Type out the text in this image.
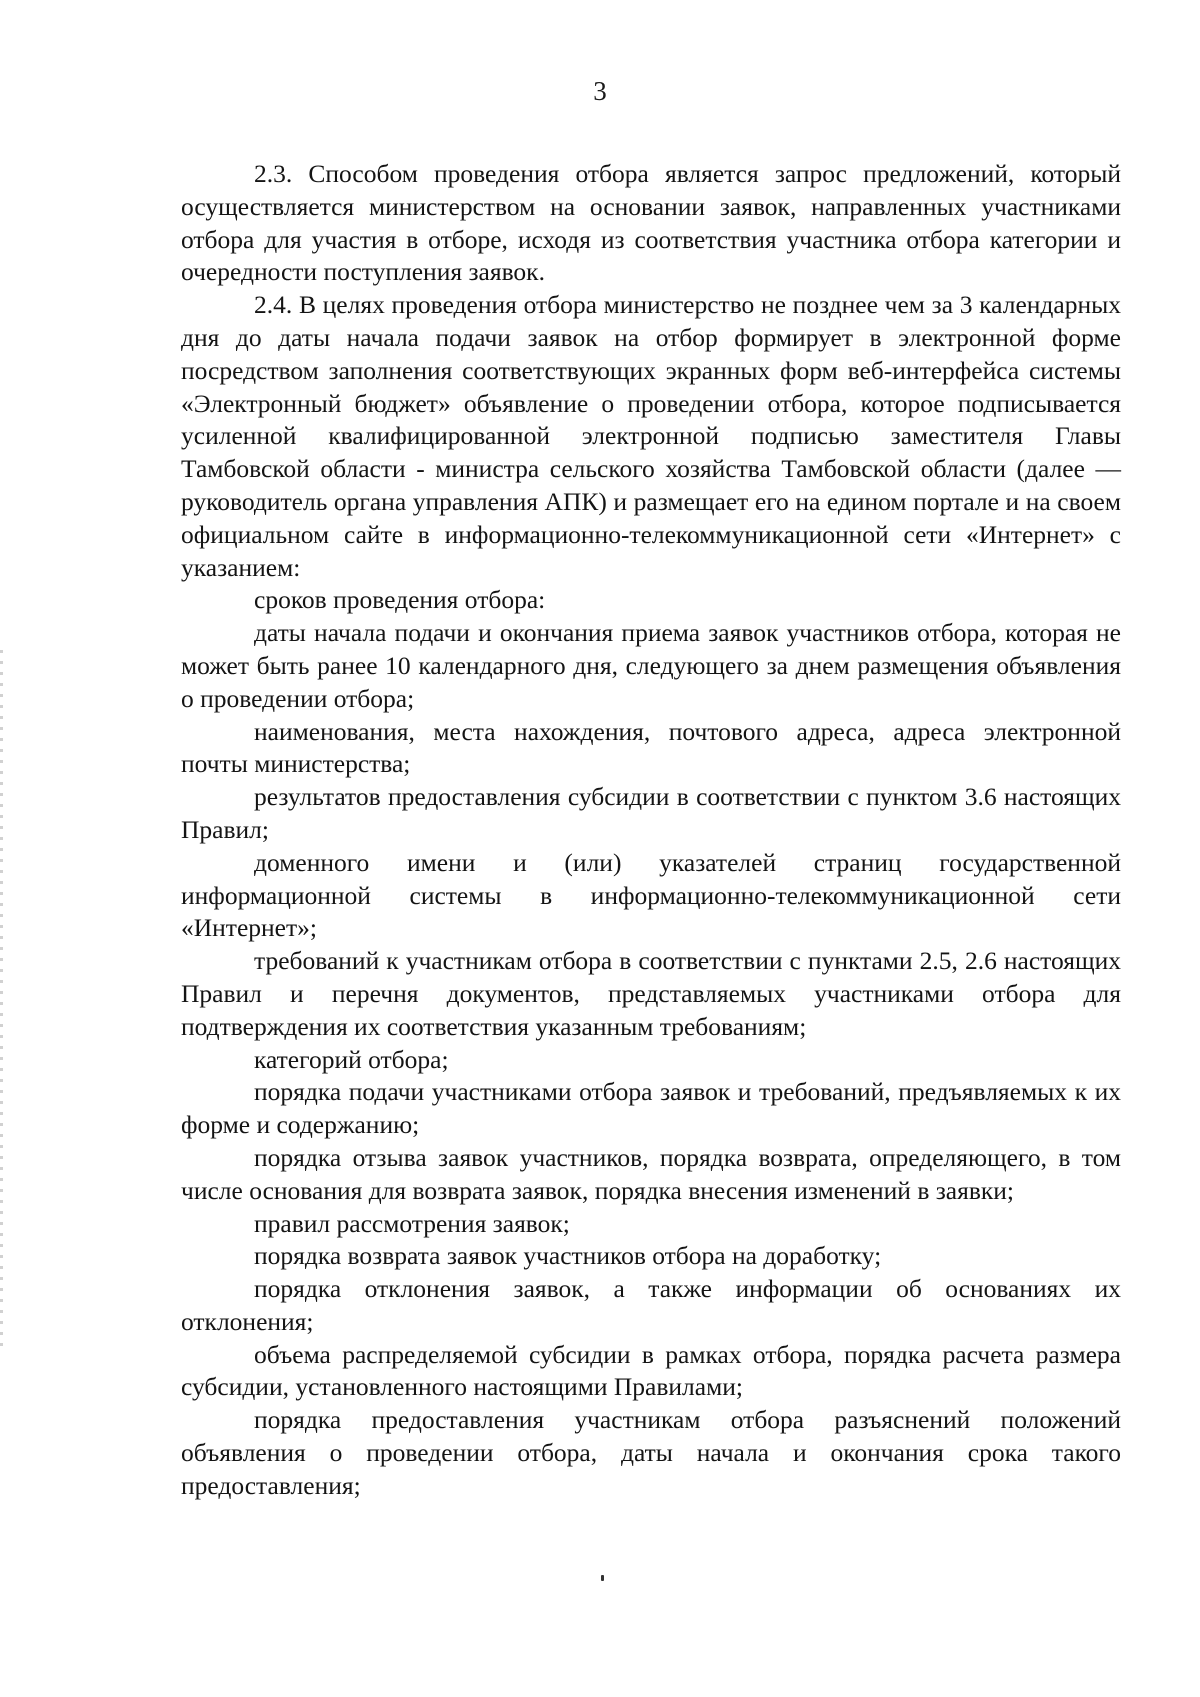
3

2.3. Способом проведения отбора является запрос предложений, который осуществляется министерством на основании заявок, направленных участниками отбора для участия в отборе, исходя из соответствия участника отбора категории и очередности поступления заявок.

2.4. В целях проведения отбора министерство не позднее чем за 3 календарных дня до даты начала подачи заявок на отбор формирует в электронной форме посредством заполнения соответствующих экранных форм веб-интерфейса системы «Электронный бюджет» объявление о проведении отбора, которое подписывается усиленной квалифицированной электронной подписью заместителя Главы Тамбовской области - министра сельского хозяйства Тамбовской области (далее — руководитель органа управления АПК) и размещает его на едином портале и на своем официальном сайте в информационно-телекоммуникационной сети «Интернет» с указанием:

сроков проведения отбора:

даты начала подачи и окончания приема заявок участников отбора, которая не может быть ранее 10 календарного дня, следующего за днем размещения объявления о проведении отбора;

наименования, места нахождения, почтового адреса, адреса электронной почты министерства;

результатов предоставления субсидии в соответствии с пунктом 3.6 настоящих Правил;

доменного имени и (или) указателей страниц государственной информационной системы в информационно-телекоммуникационной сети «Интернет»;

требований к участникам отбора в соответствии с пунктами 2.5, 2.6 настоящих Правил и перечня документов, представляемых участниками отбора для подтверждения их соответствия указанным требованиям;

категорий отбора;

порядка подачи участниками отбора заявок и требований, предъявляемых к их форме и содержанию;

порядка отзыва заявок участников, порядка возврата, определяющего, в том числе основания для возврата заявок, порядка внесения изменений в заявки;

правил рассмотрения заявок;

порядка возврата заявок участников отбора на доработку;

порядка отклонения заявок, а также информации об основаниях их отклонения;

объема распределяемой субсидии в рамках отбора, порядка расчета размера субсидии, установленного настоящими Правилами;

порядка предоставления участникам отбора разъяснений положений объявления о проведении отбора, даты начала и окончания срока такого предоставления;
